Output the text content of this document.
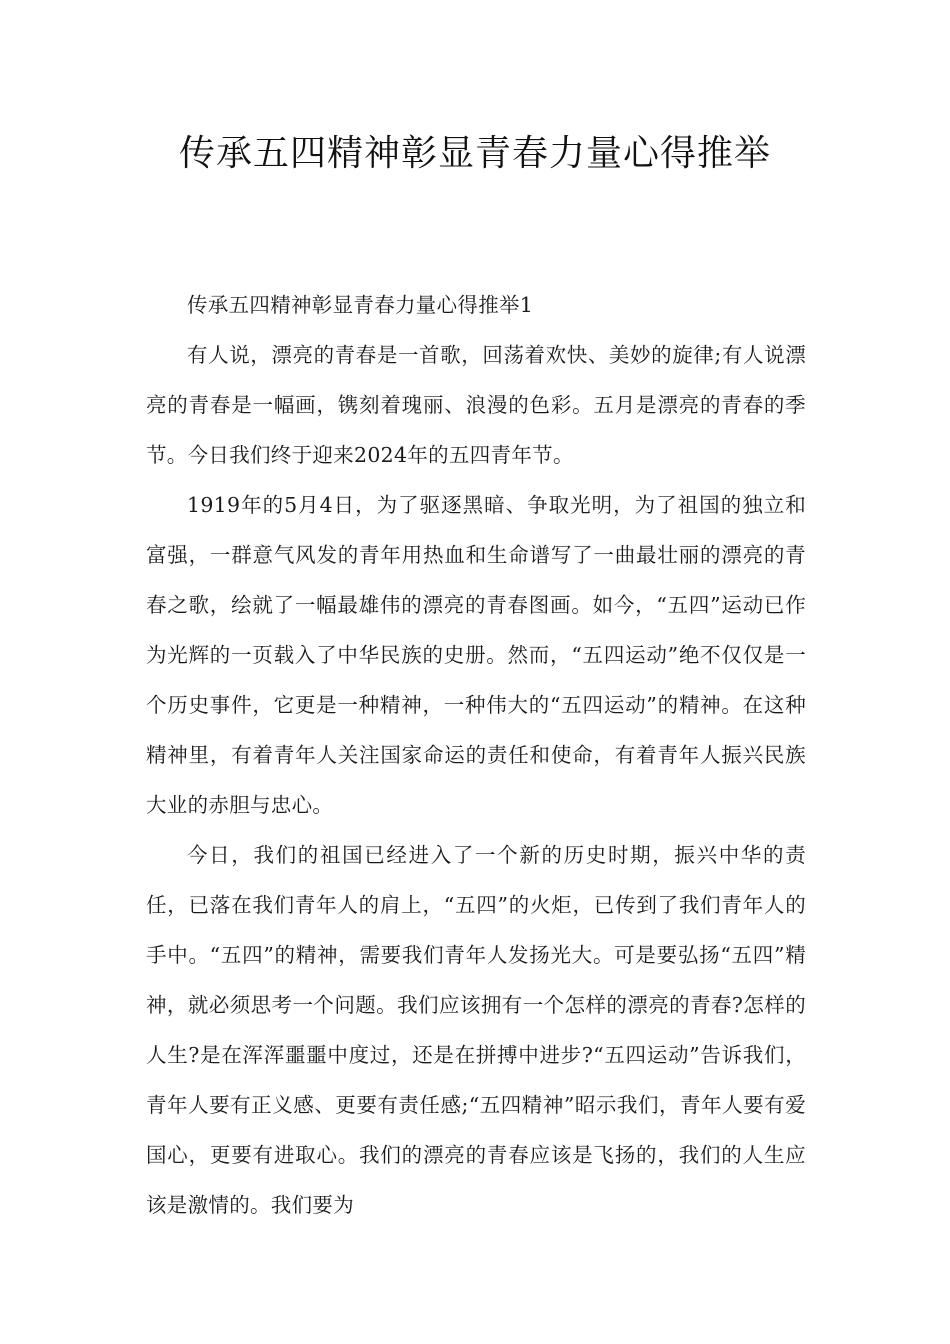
传承五四精神彰显青春力量心得推举

传承五四精神彰显青春力量心得推举1

有人说，漂亮的青春是一首歌，回荡着欢快、美妙的旋律;有人说漂亮的青春是一幅画，镌刻着瑰丽、浪漫的色彩。五月是漂亮的青春的季节。今日我们终于迎来2024年的五四青年节。

1919年的5月4日，为了驱逐黑暗、争取光明，为了祖国的独立和富强，一群意气风发的青年用热血和生命谱写了一曲最壮丽的漂亮的青春之歌，绘就了一幅最雄伟的漂亮的青春图画。如今，“五四”运动已作为光辉的一页载入了中华民族的史册。然而，“五四运动”绝不仅仅是一个历史事件，它更是一种精神，一种伟大的“五四运动”的精神。在这种精神里，有着青年人关注国家命运的责任和使命，有着青年人振兴民族大业的赤胆与忠心。

今日，我们的祖国已经进入了一个新的历史时期，振兴中华的责任，已落在我们青年人的肩上，“五四”的火炬，已传到了我们青年人的手中。“五四”的精神，需要我们青年人发扬光大。可是要弘扬“五四”精神，就必须思考一个问题。我们应该拥有一个怎样的漂亮的青春?怎样的人生?是在浑浑噩噩中度过，还是在拼搏中进步?“五四运动”告诉我们，青年人要有正义感、更要有责任感;“五四精神”昭示我们，青年人要有爱国心，更要有进取心。我们的漂亮的青春应该是飞扬的，我们的人生应该是激情的。我们要为
